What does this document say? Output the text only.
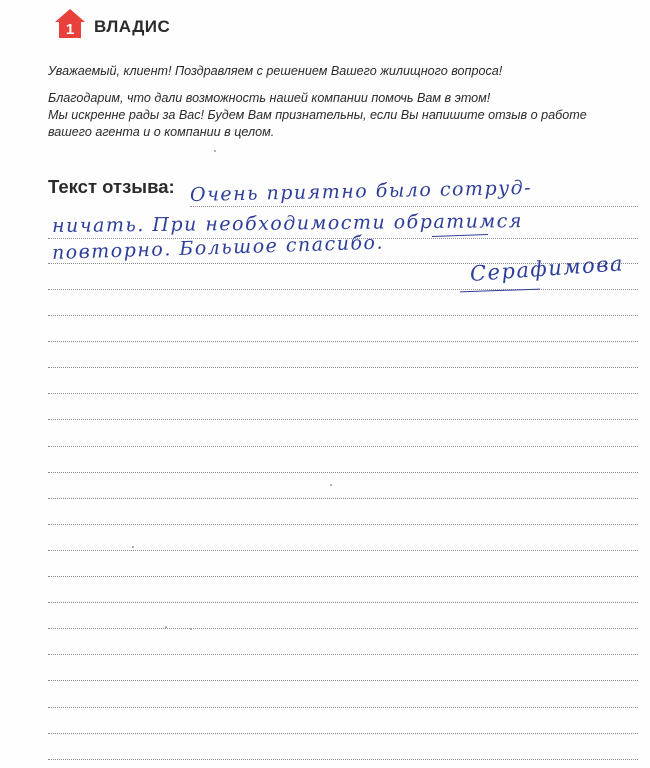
1 ВЛАДИС

Уважаемый, клиент! Поздравляем с решением Вашего жилищного вопроса!

Благодарим, что дали возможность нашей компании помочь Вам в этом!
Мы искренне рады за Вас! Будем Вам признательны, если Вы напишите отзыв о работе
вашего агента и о компании в целом.

Текст отзыва: Очень приятно было сотруд-
ничать. При необходимости обратимся
повторно. Большое спасибо.
Серафимова
